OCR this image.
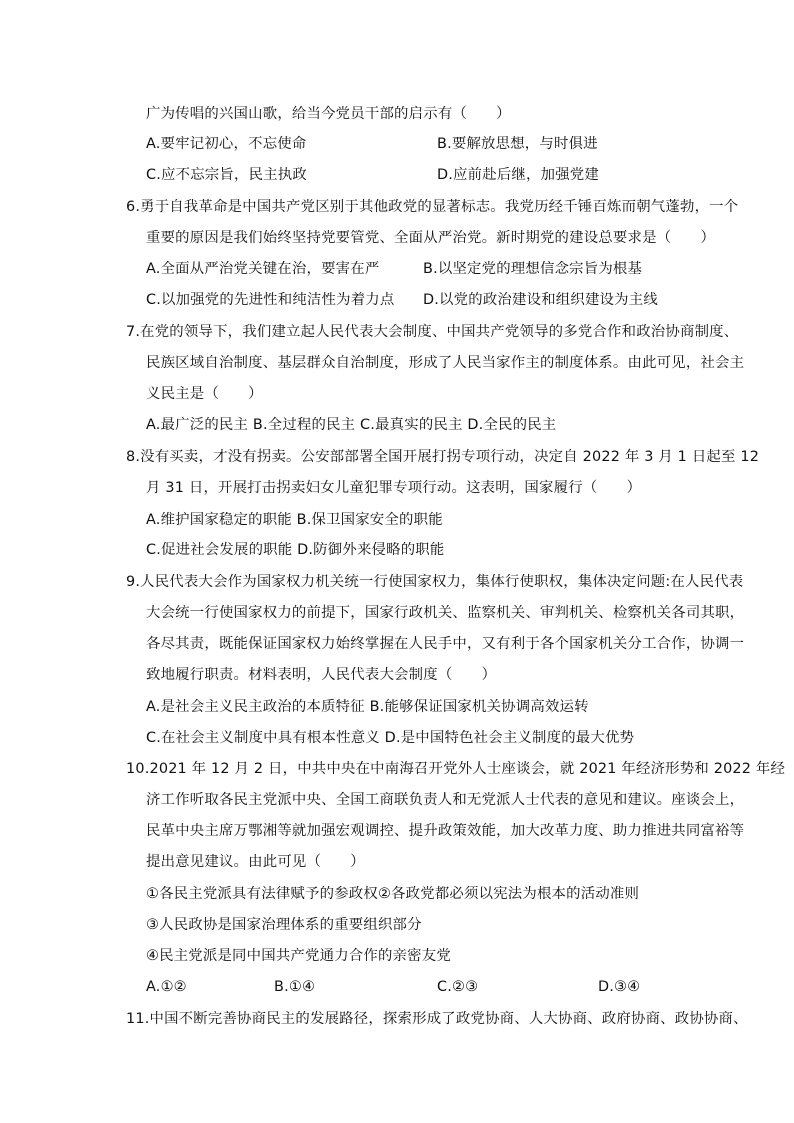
广为传唱的兴国山歌，给当今党员干部的启示有（　　）
A.要牢记初心，不忘使命	B.要解放思想，与时俱进
C.应不忘宗旨，民主执政	D.应前赴后继，加强党建
6.勇于自我革命是中国共产党区别于其他政党的显著标志。我党历经千锤百炼而朝气蓬勃，一个
重要的原因是我们始终坚持党要管党、全面从严治党。新时期党的建设总要求是（　　）
A.全面从严治党关键在治，要害在严	B.以坚定党的理想信念宗旨为根基
C.以加强党的先进性和纯洁性为着力点 D.以党的政治建设和组织建设为主线
7.在党的领导下，我们建立起人民代表大会制度、中国共产党领导的多党合作和政治协商制度、
民族区域自治制度、基层群众自治制度，形成了人民当家作主的制度体系。由此可见，社会主
义民主是（　　）
A.最广泛的民主 B.全过程的民主 C.最真实的民主 D.全民的民主
8.没有买卖，才没有拐卖。公安部部署全国开展打拐专项行动，决定自 2022 年 3 月 1 日起至 12
月 31 日，开展打击拐卖妇女儿童犯罪专项行动。这表明，国家履行（　　）
A.维护国家稳定的职能 B.保卫国家安全的职能
C.促进社会发展的职能 D.防御外来侵略的职能
9.人民代表大会作为国家权力机关统一行使国家权力，集体行使职权，集体决定问题:在人民代表
大会统一行使国家权力的前提下，国家行政机关、监察机关、审判机关、检察机关各司其职，
各尽其责，既能保证国家权力始终掌握在人民手中，又有利于各个国家机关分工合作，协调一
致地履行职责。材料表明，人民代表大会制度（　　）
A.是社会主义民主政治的本质特征 B.能够保证国家机关协调高效运转
C.在社会主义制度中具有根本性意义 D.是中国特色社会主义制度的最大优势
10.2021 年 12 月 2 日，中共中央在中南海召开党外人士座谈会，就 2021 年经济形势和 2022 年经
济工作听取各民主党派中央、全国工商联负责人和无党派人士代表的意见和建议。座谈会上，
民革中央主席万鄂湘等就加强宏观调控、提升政策效能，加大改革力度、助力推进共同富裕等
提出意见建议。由此可见（　　）
①各民主党派具有法律赋予的参政权②各政党都必须以宪法为根本的活动准则
③人民政协是国家治理体系的重要组织部分
④民主党派是同中国共产党通力合作的亲密友党
A.①②	B.①④	C.②③	D.③④
11.中国不断完善协商民主的发展路径，探索形成了政党协商、人大协商、政府协商、政协协商、
